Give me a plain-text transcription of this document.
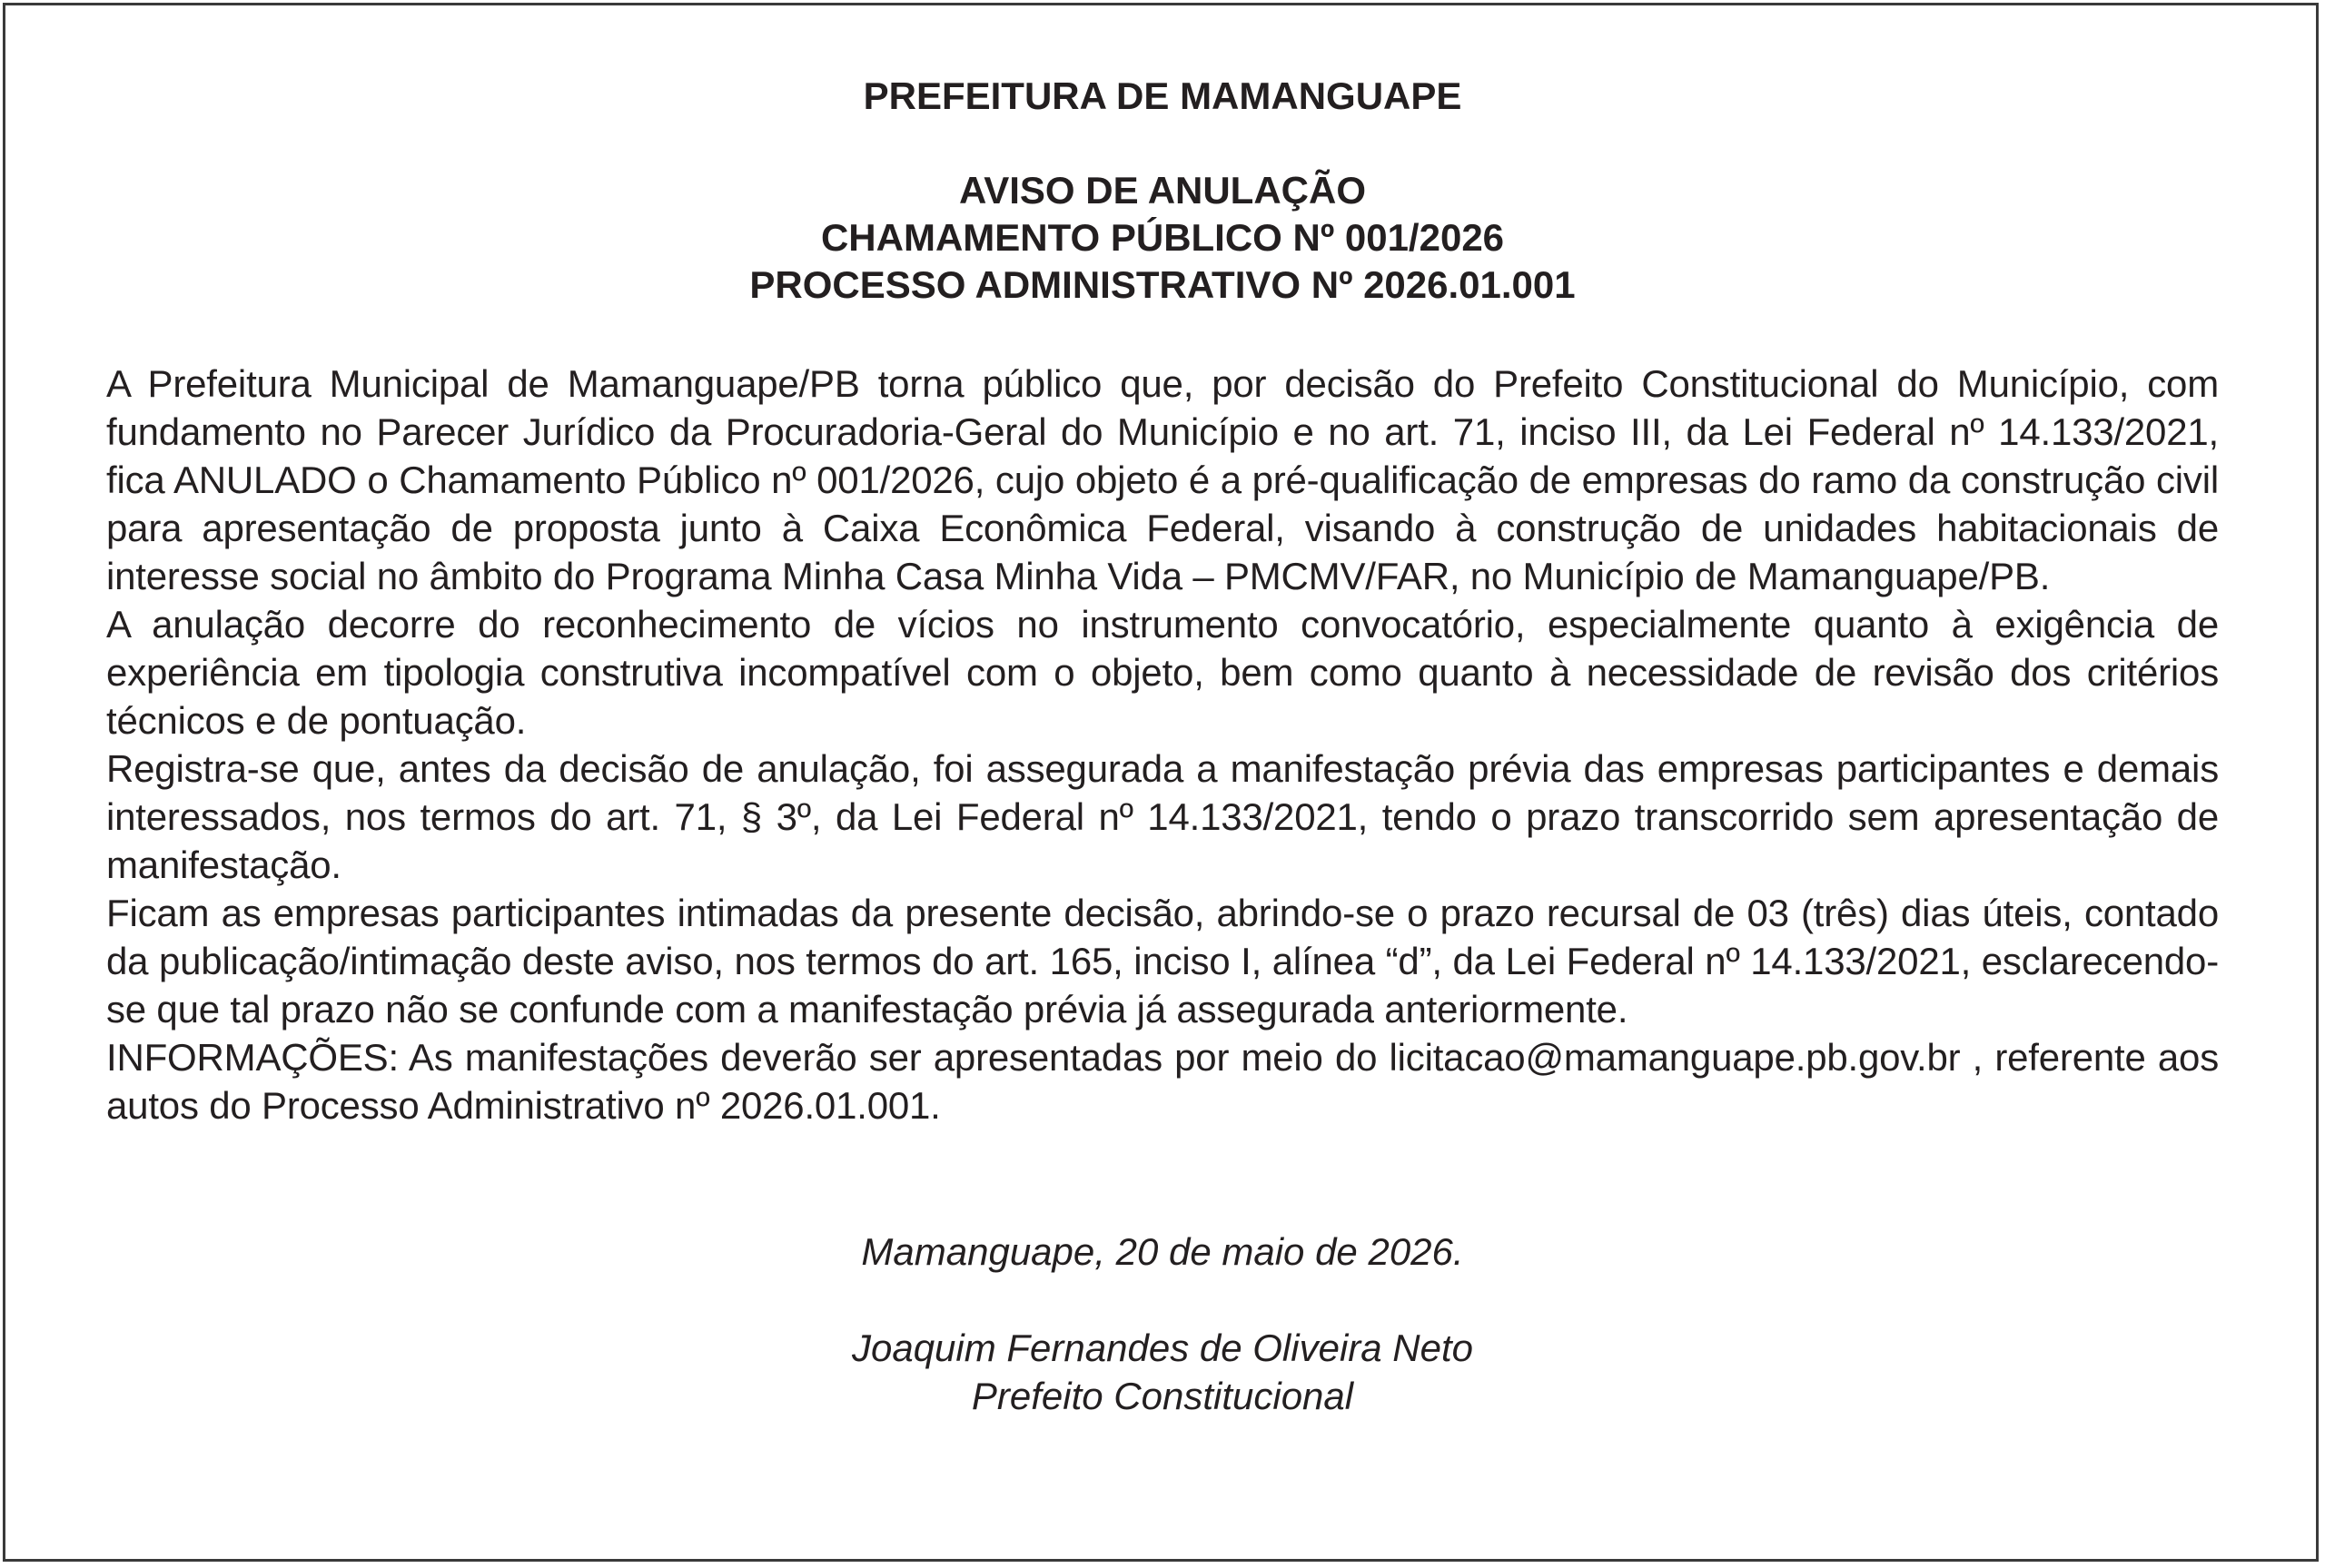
PREFEITURA DE MAMANGUAPE
AVISO DE ANULAÇÃO
CHAMAMENTO PÚBLICO Nº 001/2026
PROCESSO ADMINISTRATIVO Nº 2026.01.001

A Prefeitura Municipal de Mamanguape/PB torna público que, por decisão do Prefeito Constitucional do Município, com fundamento no Parecer Jurídico da Procuradoria-Geral do Município e no art. 71, inciso III, da Lei Federal nº 14.133/2021, fica ANULADO o Chamamento Público nº 001/2026, cujo objeto é a pré-qualificação de empresas do ramo da construção civil para apresentação de proposta junto à Caixa Econômica Federal, visando à construção de unidades habitacionais de interesse social no âmbito do Programa Minha Casa Minha Vida – PMCMV/FAR, no Município de Mamanguape/PB.

A anulação decorre do reconhecimento de vícios no instrumento convocatório, especialmente quanto à exigência de experiência em tipologia construtiva incompatível com o objeto, bem como quanto à necessidade de revisão dos critérios técnicos e de pontuação.

Registra-se que, antes da decisão de anulação, foi assegurada a manifestação prévia das empresas participantes e demais interessados, nos termos do art. 71, § 3º, da Lei Federal nº 14.133/2021, tendo o prazo transcorrido sem apresentação de manifestação.

Ficam as empresas participantes intimadas da presente decisão, abrindo-se o prazo recursal de 03 (três) dias úteis, contado da publicação/intimação deste aviso, nos termos do art. 165, inciso I, alínea “d”, da Lei Federal nº 14.133/2021, esclarecendo-se que tal prazo não se confunde com a manifestação prévia já assegurada anteriormente.

INFORMAÇÕES: As manifestações deverão ser apresentadas por meio do licitacao@mamanguape.pb.gov.br , referente aos autos do Processo Administrativo nº 2026.01.001.

Mamanguape, 20 de maio de 2026.
Joaquim Fernandes de Oliveira Neto
Prefeito Constitucional
